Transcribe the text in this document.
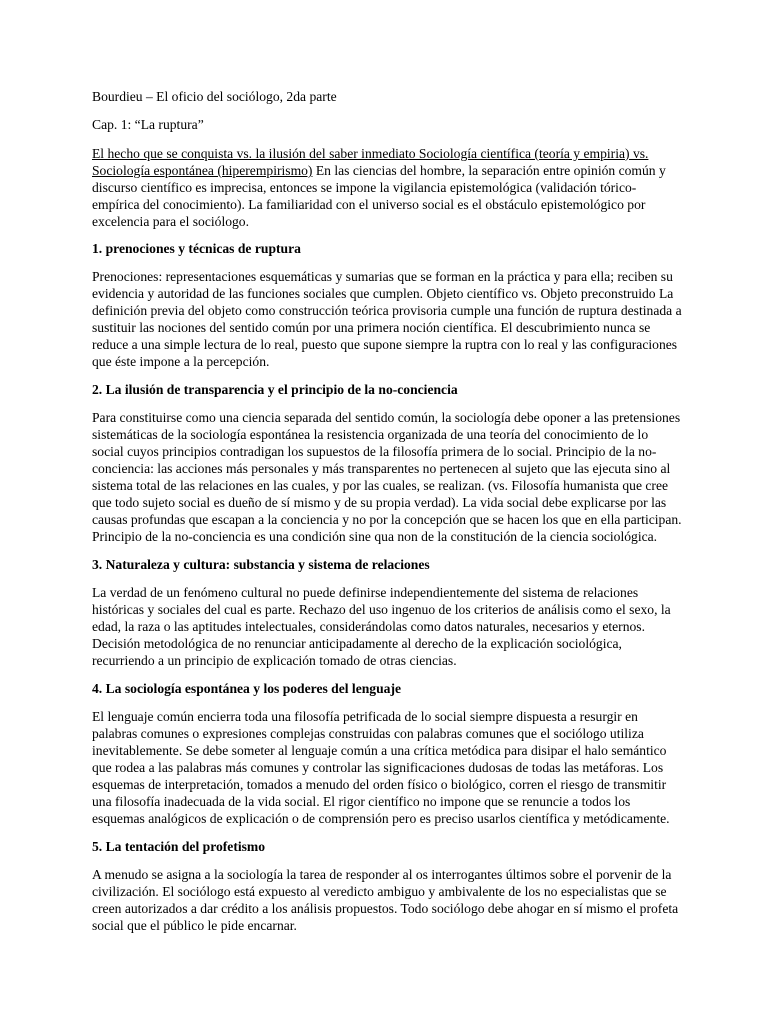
Bourdieu – El oficio del sociólogo, 2da parte

Cap. 1: “La ruptura”

El hecho que se conquista vs. la ilusión del saber inmediato Sociología científica (teoría y empiria) vs. Sociología espontánea (hiperempirismo) En las ciencias del hombre, la separación entre opinión común y discurso científico es imprecisa, entonces se impone la vigilancia epistemológica (validación tórico-empírica del conocimiento). La familiaridad con el universo social es el obstáculo epistemológico por excelencia para el sociólogo.

1. prenociones y técnicas de ruptura

Prenociones: representaciones esquemáticas y sumarias que se forman en la práctica y para ella; reciben su evidencia y autoridad de las funciones sociales que cumplen. Objeto científico vs. Objeto preconstruido La definición previa del objeto como construcción teórica provisoria cumple una función de ruptura destinada a sustituir las nociones del sentido común por una primera noción científica. El descubrimiento nunca se reduce a una simple lectura de lo real, puesto que supone siempre la ruptra con lo real y las configuraciones que éste impone a la percepción.

2. La ilusión de transparencia y el principio de la no-conciencia

Para constituirse como una ciencia separada del sentido común, la sociología debe oponer a las pretensiones sistemáticas de la sociología espontánea la resistencia organizada de una teoría del conocimiento de lo social cuyos principios contradigan los supuestos de la filosofía primera de lo social. Principio de la no-conciencia: las acciones más personales y más transparentes no pertenecen al sujeto que las ejecuta sino al sistema total de las relaciones en las cuales, y por las cuales, se realizan. (vs. Filosofía humanista que cree que todo sujeto social es dueño de sí mismo y de su propia verdad). La vida social debe explicarse por las causas profundas que escapan a la conciencia y no por la concepción que se hacen los que en ella participan. Principio de la no-conciencia es una condición sine qua non de la constitución de la ciencia sociológica.

3. Naturaleza y cultura: substancia y sistema de relaciones

La verdad de un fenómeno cultural no puede definirse independientemente del sistema de relaciones históricas y sociales del cual es parte. Rechazo del uso ingenuo de los criterios de análisis como el sexo, la edad, la raza o las aptitudes intelectuales, considerándolas como datos naturales, necesarios y eternos. Decisión metodológica de no renunciar anticipadamente al derecho de la explicación sociológica, recurriendo a un principio de explicación tomado de otras ciencias.

4. La sociología espontánea y los poderes del lenguaje

El lenguaje común encierra toda una filosofía petrificada de lo social siempre dispuesta a resurgir en palabras comunes o expresiones complejas construidas con palabras comunes que el sociólogo utiliza inevitablemente. Se debe someter al lenguaje común a una crítica metódica para disipar el halo semántico que rodea a las palabras más comunes y controlar las significaciones dudosas de todas las metáforas. Los esquemas de interpretación, tomados a menudo del orden físico o biológico, corren el riesgo de transmitir una filosofía inadecuada de la vida social. El rigor científico no impone que se renuncie a todos los esquemas analógicos de explicación o de comprensión pero es preciso usarlos científica y metódicamente.

5. La tentación del profetismo

A menudo se asigna a la sociología la tarea de responder al os interrogantes últimos sobre el porvenir de la civilización. El sociólogo está expuesto al veredicto ambiguo y ambivalente de los no especialistas que se creen autorizados a dar crédito a los análisis propuestos. Todo sociólogo debe ahogar en sí mismo el profeta social que el público le pide encarnar.
